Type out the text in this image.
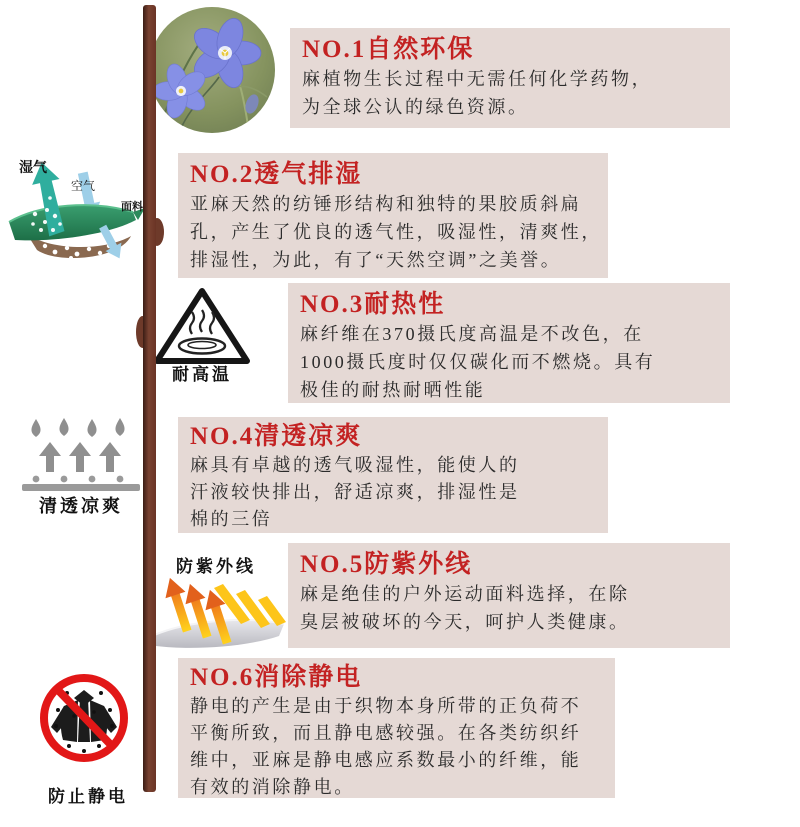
NO.1自然环保
麻植物生长过程中无需任何化学药物，
为全球公认的绿色资源。
湿气
空气
面料
NO.2透气排湿
亚麻天然的纺锤形结构和独特的果胶质斜扁
孔，产生了优良的透气性，吸湿性，清爽性，
排湿性，为此，有了“天然空调”之美誉。
耐高温
NO.3耐热性
麻纤维在370摄氏度高温是不改色，在
1000摄氏度时仅仅碳化而不燃烧。具有
极佳的耐热耐晒性能
清透凉爽
NO.4清透凉爽
麻具有卓越的透气吸湿性，能使人的
汗液较快排出，舒适凉爽，排湿性是
棉的三倍
防紫外线	NO.5防紫外线
麻是绝佳的户外运动面料选择，在除
臭层被破坏的今天，呵护人类健康。
防止静电
NO.6消除静电
静电的产生是由于织物本身所带的正负荷不
平衡所致，而且静电感较强。在各类纺织纤
维中，亚麻是静电感应系数最小的纤维，能
有效的消除静电。
